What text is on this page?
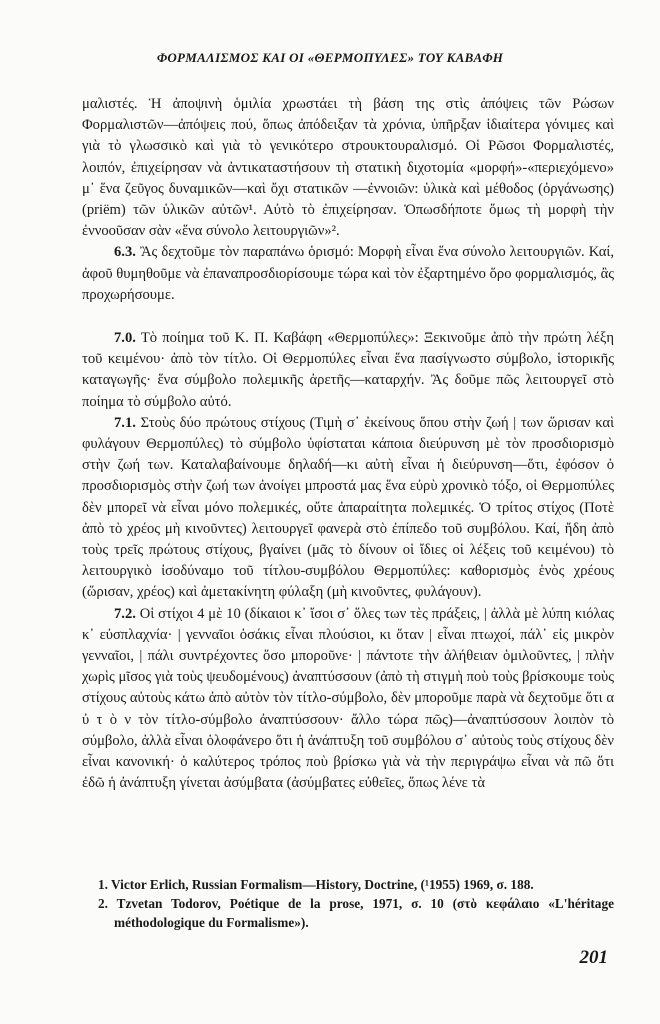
ΦΟΡΜΑΛΙΣΜΟΣ ΚΑΙ ΟΙ «ΘΕΡΜΟΠΥΛΕΣ» ΤΟΥ ΚΑΒΑΦΗ

μαλιστές. Ἡ ἀποψινὴ ὁμιλία χρωστάει τὴ βάση της στὶς ἀπόψεις τῶν Ρώσων Φορμαλιστῶν—ἀπόψεις πού, ὅπως ἀπόδειξαν τὰ χρόνια, ὑπῆρξαν ἰδιαίτερα γόνιμες καὶ γιὰ τὸ γλωσσικὸ καὶ γιὰ τὸ γενικότερο στρουκτουραλισμό. Οἱ Ρῶσοι Φορμαλιστές, λοιπόν, ἐπιχείρησαν νὰ ἀντικαταστήσουν τὴ στατικὴ διχοτομία «μορφή»-«περιεχόμενο» μ᾽ ἕνα ζεῦγος δυναμικῶν—καὶ ὄχι στατικῶν —ἐννοιῶν: ὑλικὰ καὶ μέθοδος (ὀργάνωσης) (priëm) τῶν ὑλικῶν αὐτῶν¹. Αὐτὸ τὸ ἐπιχείρησαν. Ὁπωσδήποτε ὅμως τὴ μορφὴ τὴν ἐννοοῦσαν σὰν «ἕνα σύνολο λειτουργιῶν»².

6.3. Ἂς δεχτοῦμε τὸν παραπάνω ὁρισμό: Μορφὴ εἶναι ἕνα σύνολο λειτουργιῶν. Καί, ἀφοῦ θυμηθοῦμε νὰ ἐπαναπροσδιορίσουμε τώρα καὶ τὸν ἐξαρτημένο ὅρο φορμαλισμός, ἂς προχωρήσουμε.

7.0. Τὸ ποίημα τοῦ Κ. Π. Καβάφη «Θερμοπύλες»: Ξεκινοῦμε ἀπὸ τὴν πρώτη λέξη τοῦ κειμένου· ἀπὸ τὸν τίτλο. Οἱ Θερμοπύλες εἶναι ἕνα πασίγνωστο σύμβολο, ἱστορικῆς καταγωγῆς· ἕνα σύμβολο πολεμικῆς ἀρετῆς—καταρχήν. Ἂς δοῦμε πῶς λειτουργεῖ στὸ ποίημα τὸ σύμβολο αὐτό.

7.1. Στοὺς δύο πρώτους στίχους (Τιμὴ σ᾽ ἐκείνους ὅπου στὴν ζωή | των ὥρισαν καὶ φυλάγουν Θερμοπύλες) τὸ σύμβολο ὑφίσταται κάποια διεύρυνση μὲ τὸν προσδιορισμὸ στὴν ζωή των. Καταλαβαίνουμε δηλαδή—κι αὐτὴ εἶναι ἡ διεύρυνση—ὅτι, ἐφόσον ὁ προσδιορισμὸς στὴν ζωή των ἀνοίγει μπροστά μας ἕνα εὐρὺ χρονικὸ τόξο, οἱ Θερμοπύλες δὲν μπορεῖ νὰ εἶναι μόνο πολεμικές, οὔτε ἀπαραίτητα πολεμικές. Ὁ τρίτος στίχος (Ποτὲ ἀπὸ τὸ χρέος μὴ κινοῦντες) λειτουργεῖ φανερὰ στὸ ἐπίπεδο τοῦ συμβόλου. Καί, ἤδη ἀπὸ τοὺς τρεῖς πρώτους στίχους, βγαίνει (μᾶς τὸ δίνουν οἱ ἴδιες οἱ λέξεις τοῦ κειμένου) τὸ λειτουργικὸ ἰσοδύναμο τοῦ τίτλου-συμβόλου Θερμοπύλες: καθορισμὸς ἑνὸς χρέους (ὥρισαν, χρέος) καὶ ἀμετακίνητη φύλαξη (μὴ κινοῦντες, φυλάγουν).

7.2. Οἱ στίχοι 4 μὲ 10 (δίκαιοι κ᾽ ἴσοι σ᾽ ὅλες των τὲς πράξεις, | ἀλλὰ μὲ λύπη κιόλας κ᾽ εὐσπλαχνία· | γενναῖοι ὁσάκις εἶναι πλούσιοι, κι ὅταν | εἶναι πτωχοί, πάλ᾽ εἰς μικρὸν γενναῖοι, | πάλι συντρέχοντες ὅσο μποροῦνε· | πάντοτε τὴν ἀλήθειαν ὁμιλοῦντες, | πλὴν χωρὶς μῖσος γιὰ τοὺς ψευδομένους) ἀναπτύσσουν (ἀπὸ τὴ στιγμὴ ποὺ τοὺς βρίσκουμε τοὺς στίχους αὐτοὺς κάτω ἀπὸ αὐτὸν τὸν τίτλο-σύμβολο, δὲν μποροῦμε παρὰ νὰ δεχτοῦμε ὅτι α ὐ τ ὸ ν τὸν τίτλο-σύμβολο ἀναπτύσσουν· ἄλλο τώρα πῶς)—ἀναπτύσσουν λοιπὸν τὸ σύμβολο, ἀλλὰ εἶναι ὁλοφάνερο ὅτι ἡ ἀνάπτυξη τοῦ συμβόλου σ᾽ αὐτοὺς τοὺς στίχους δὲν εἶναι κανονική· ὁ καλύτερος τρόπος ποὺ βρίσκω γιὰ νὰ τὴν περιγράψω εἶναι νὰ πῶ ὅτι ἐδῶ ἡ ἀνάπτυξη γίνεται ἀσύμβατα (ἀσύμβατες εὐθεῖες, ὅπως λένε τὰ

1. Victor Erlich, Russian Formalism—History, Doctrine, (¹1955) 1969, σ. 188.

2. Tzvetan Todorov, Poétique de la prose, 1971, σ. 10 (στὸ κεφάλαιο «L'héritage méthodologique du Formalisme»).

201
